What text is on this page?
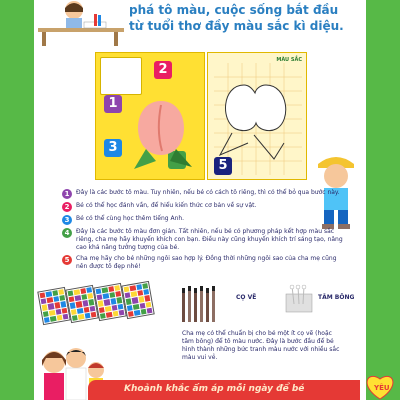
phá tô màu, cuộc sống bắt đầu
từ tuổi thơ đầy màu sắc kì diệu.
2
1
3
MÀU SẮC
5
1	Đây là các bước tô màu. Tuy nhiên, nếu bé có cách tô riêng, thì có thể bỏ qua bước này.
2	Bé có thể học đánh vần, để hiểu kiến thức cơ bản về sự vật.
3	Bé có thể cùng học thêm tiếng Anh.
4	Đây là các bước tô màu đơn giản. Tất nhiên, nếu bé có phương pháp kết hợp màu sắc riêng, cha mẹ hãy khuyến khích con bạn. Điều này cũng khuyến khích trí sáng tạo, nâng cao khả năng tưởng tượng của bé.
5	Cha mẹ hãy cho bé những ngôi sao hợp lý. Đồng thời những ngôi sao của cha mẹ cũng nên được tô đẹp nhé!
CỌ VẼ	TĂM BÔNG
Cha mẹ có thể chuẩn bị cho bé một ít cọ vẽ (hoặc tăm bông) để tô màu nước. Đây là bước đầu để bé hình thành những bức tranh màu nước với nhiều sắc màu vui vẻ.
Khoảnh khắc ấm áp mỗi ngày để bé	YÊU
